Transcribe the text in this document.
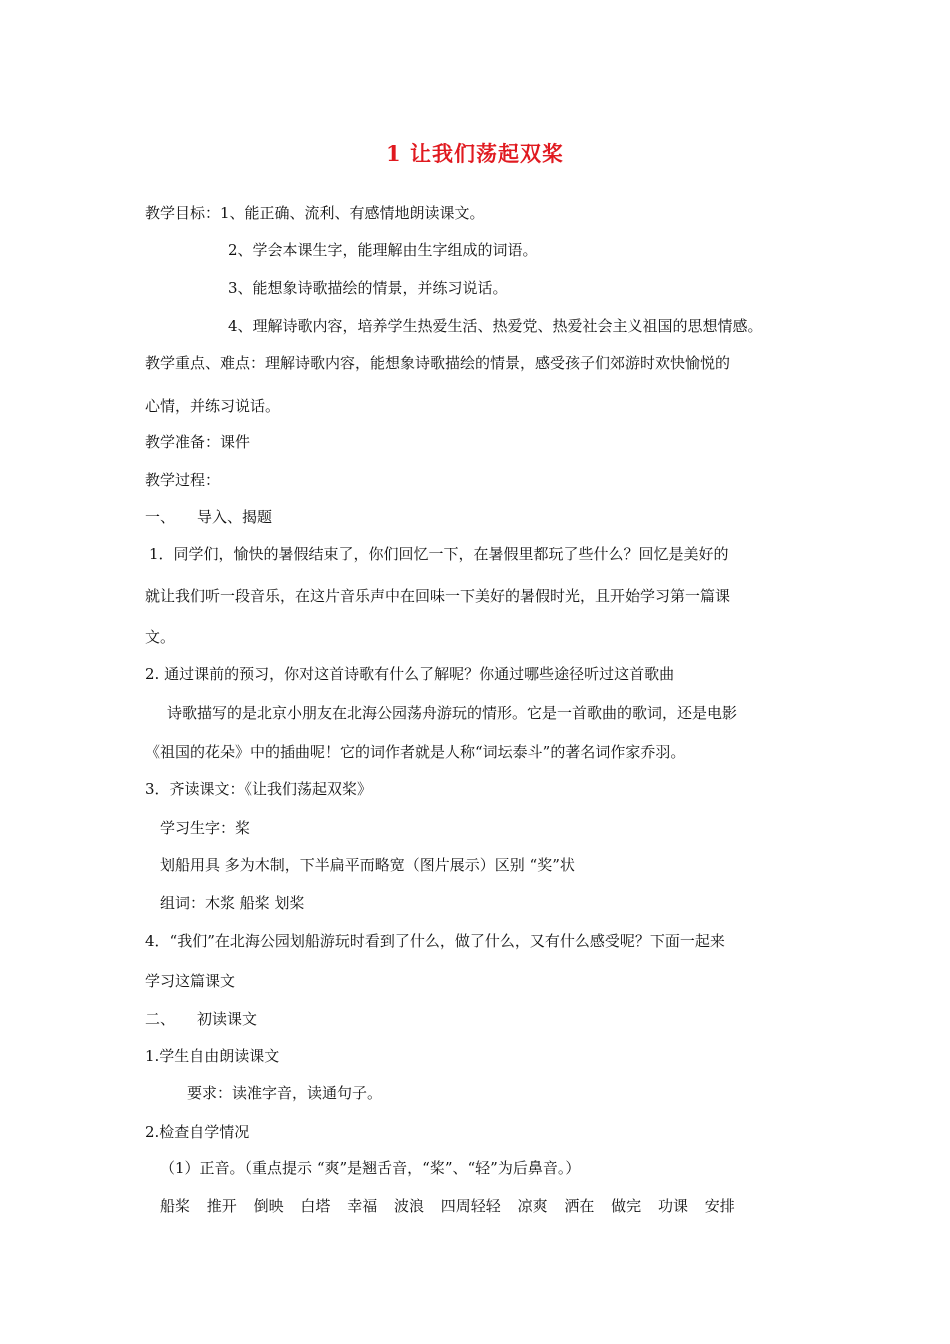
1 让我们荡起双桨
教学目标：1、能正确、流利、有感情地朗读课文。
2、学会本课生字，能理解由生字组成的词语。
3、能想象诗歌描绘的情景，并练习说话。
4、理解诗歌内容，培养学生热爱生活、热爱党、热爱社会主义祖国的思想情感。
教学重点、难点：理解诗歌内容，能想象诗歌描绘的情景，感受孩子们郊游时欢快愉悦的
心情，并练习说话。
教学准备：课件
教学过程：
一、 导入、揭题
1．同学们，愉快的暑假结束了，你们回忆一下，在暑假里都玩了些什么？回忆是美好的
就让我们听一段音乐，在这片音乐声中在回味一下美好的暑假时光，且开始学习第一篇课
文。
2. 通过课前的预习，你对这首诗歌有什么了解呢？你通过哪些途径听过这首歌曲
诗歌描写的是北京小朋友在北海公园荡舟游玩的情形。它是一首歌曲的歌词，还是电影
《祖国的花朵》中的插曲呢！它的词作者就是人称“词坛泰斗”的著名词作家乔羽。
3．齐读课文：《让我们荡起双桨》
学习生字：桨
划船用具 多为木制，下半扁平而略宽（图片展示）区别 “奖”状
组词：木浆 船桨 划桨
4．“我们”在北海公园划船游玩时看到了什么，做了什么，又有什么感受呢？下面一起来
学习这篇课文
二、 初读课文
1.学生自由朗读课文
要求：读准字音，读通句子。
2.检查自学情况
（1）正音。（重点提示 “爽”是翘舌音，“桨”、“轻”为后鼻音。）
船桨 推开 倒映 白塔 幸福 波浪 四周轻轻 凉爽 洒在 做完 功课 安排
